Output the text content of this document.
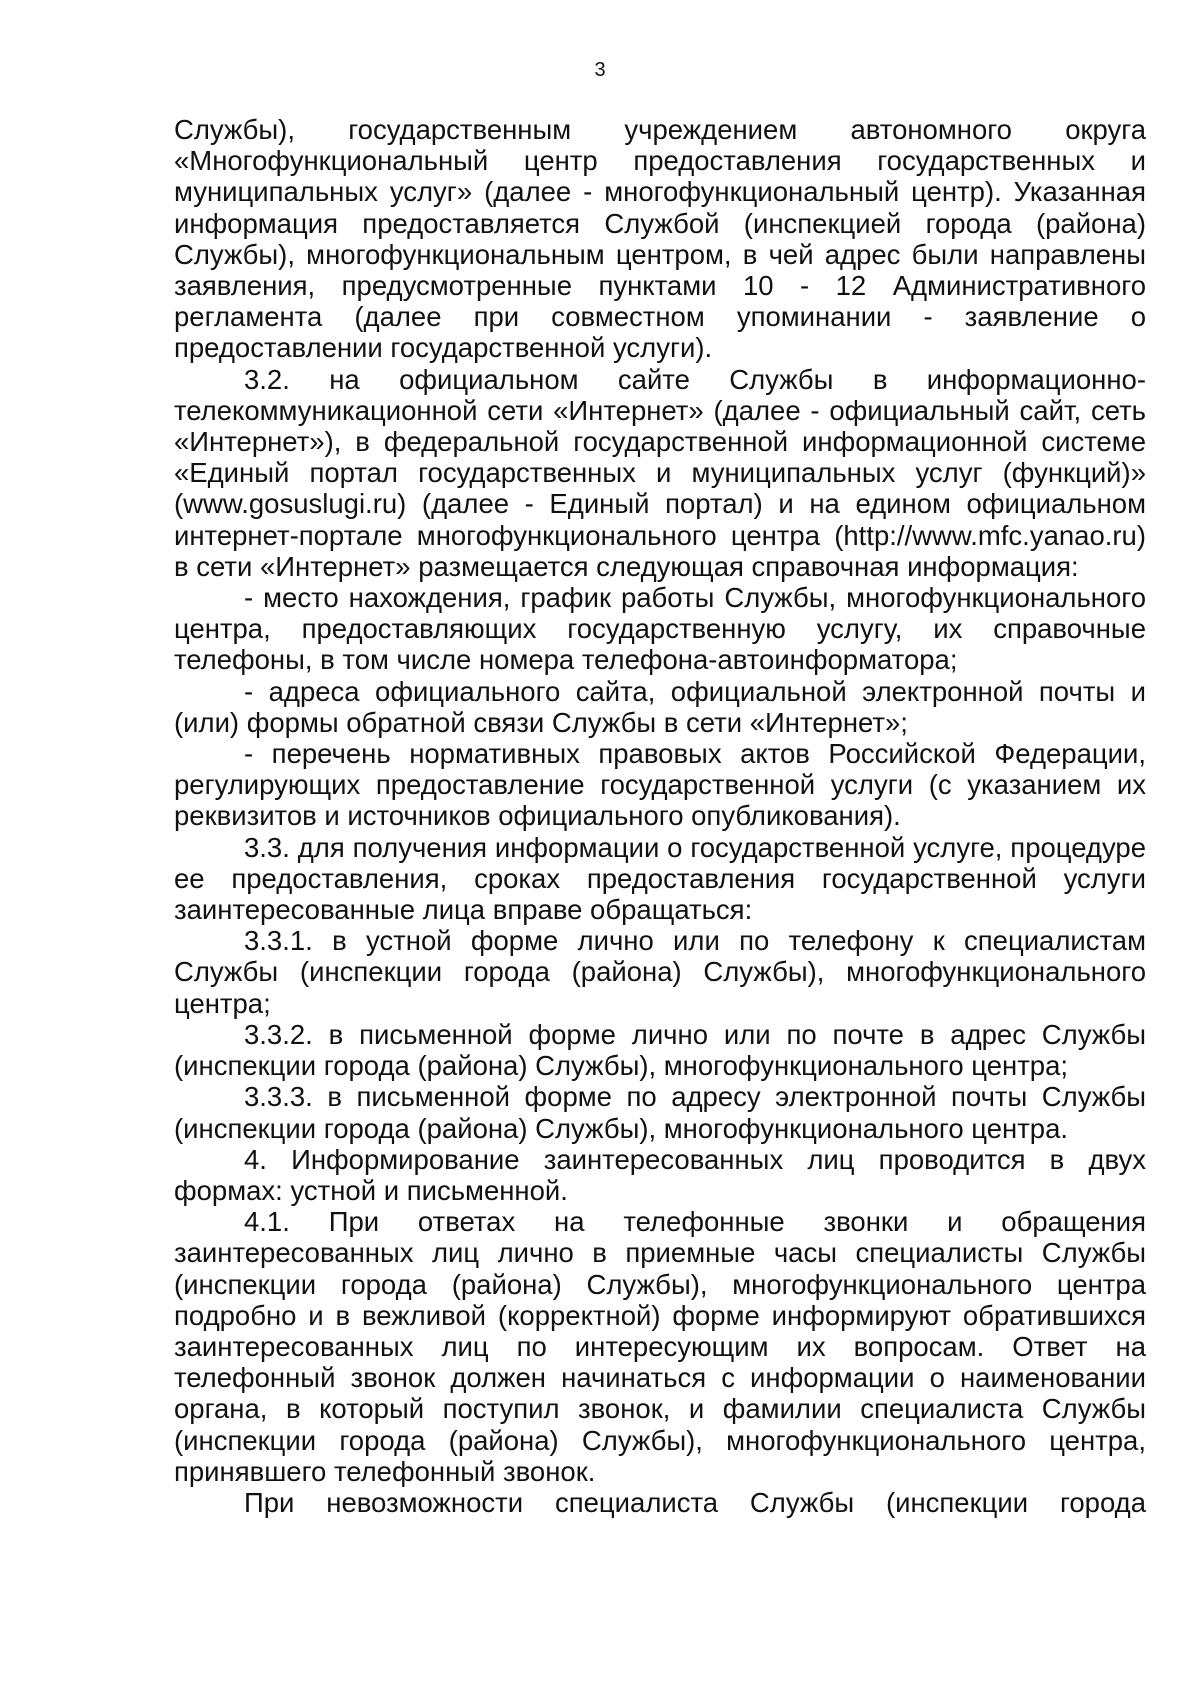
3

Службы), государственным учреждением автономного округа «Многофункциональный центр предоставления государственных и муниципальных услуг» (далее - многофункциональный центр). Указанная информация предоставляется Службой (инспекцией города (района) Службы), многофункциональным центром, в чей адрес были направлены заявления, предусмотренные пунктами 10 - 12 Административного регламента (далее при совместном упоминании - заявление о предоставлении государственной услуги).

3.2. на официальном сайте Службы в информационно-телекоммуникационной сети «Интернет» (далее - официальный сайт, сеть «Интернет»), в федеральной государственной информационной системе «Единый портал государственных и муниципальных услуг (функций)» (www.gosuslugi.ru) (далее - Единый портал) и на едином официальном интернет-портале многофункционального центра (http://www.mfc.yanao.ru) в сети «Интернет» размещается следующая справочная информация:

- место нахождения, график работы Службы, многофункционального центра, предоставляющих государственную услугу, их справочные телефоны, в том числе номера телефона-автоинформатора;

- адреса официального сайта, официальной электронной почты и (или) формы обратной связи Службы в сети «Интернет»;

- перечень нормативных правовых актов Российской Федерации, регулирующих предоставление государственной услуги (с указанием их реквизитов и источников официального опубликования).

3.3. для получения информации о государственной услуге, процедуре ее предоставления, сроках предоставления государственной услуги заинтересованные лица вправе обращаться:

3.3.1. в устной форме лично или по телефону к специалистам Службы (инспекции города (района) Службы), многофункционального центра;

3.3.2. в письменной форме лично или по почте в адрес Службы (инспекции города (района) Службы), многофункционального центра;

3.3.3. в письменной форме по адресу электронной почты Службы (инспекции города (района) Службы), многофункционального центра.

4. Информирование заинтересованных лиц проводится в двух формах: устной и письменной.

4.1. При ответах на телефонные звонки и обращения заинтересованных лиц лично в приемные часы специалисты Службы (инспекции города (района) Службы), многофункционального центра подробно и в вежливой (корректной) форме информируют обратившихся заинтересованных лиц по интересующим их вопросам. Ответ на телефонный звонок должен начинаться с информации о наименовании органа, в который поступил звонок, и фамилии специалиста Службы (инспекции города (района) Службы), многофункционального центра, принявшего телефонный звонок.

При невозможности специалиста Службы (инспекции города
